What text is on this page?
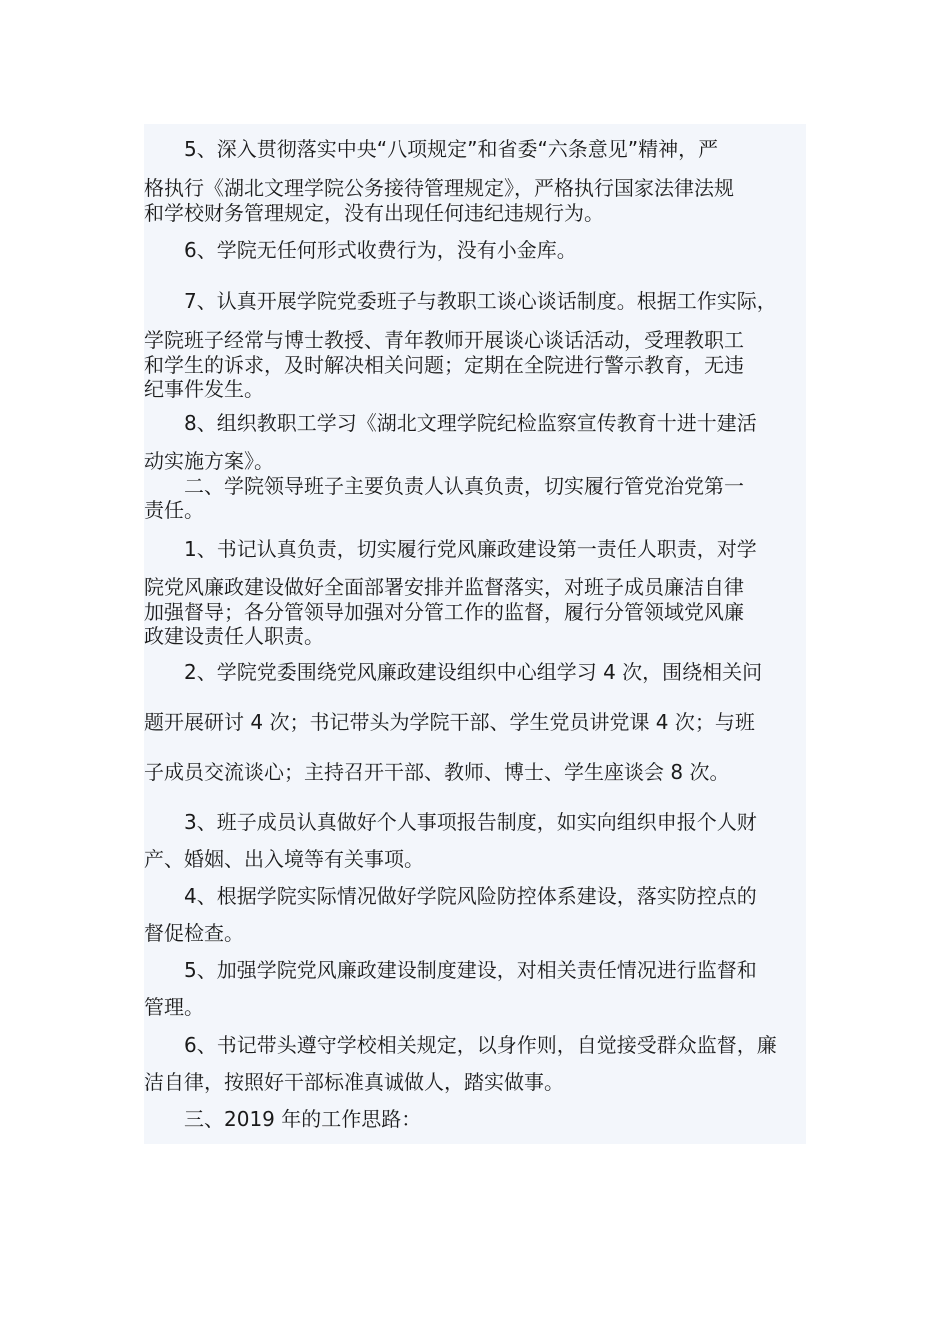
5、深入贯彻落实中央“八项规定”和省委“六条意见”精神，严
格执行《湖北文理学院公务接待管理规定》，严格执行国家法律法规
和学校财务管理规定，没有出现任何违纪违规行为。
6、学院无任何形式收费行为，没有小金库。
7、认真开展学院党委班子与教职工谈心谈话制度。根据工作实际，
学院班子经常与博士教授、青年教师开展谈心谈话活动，受理教职工
和学生的诉求，及时解决相关问题；定期在全院进行警示教育，无违
纪事件发生。
8、组织教职工学习《湖北文理学院纪检监察宣传教育十进十建活
动实施方案》。
二、学院领导班子主要负责人认真负责，切实履行管党治党第一
责任。
1、书记认真负责，切实履行党风廉政建设第一责任人职责，对学
院党风廉政建设做好全面部署安排并监督落实，对班子成员廉洁自律
加强督导；各分管领导加强对分管工作的监督，履行分管领域党风廉
政建设责任人职责。
2、学院党委围绕党风廉政建设组织中心组学习 4 次，围绕相关问
题开展研讨 4 次；书记带头为学院干部、学生党员讲党课 4 次；与班
子成员交流谈心；主持召开干部、教师、博士、学生座谈会 8 次。
3、班子成员认真做好个人事项报告制度，如实向组织申报个人财
产、婚姻、出入境等有关事项。
4、根据学院实际情况做好学院风险防控体系建设，落实防控点的
督促检查。
5、加强学院党风廉政建设制度建设，对相关责任情况进行监督和
管理。
6、书记带头遵守学校相关规定，以身作则，自觉接受群众监督，廉
洁自律，按照好干部标准真诚做人，踏实做事。
三、2019 年的工作思路：
